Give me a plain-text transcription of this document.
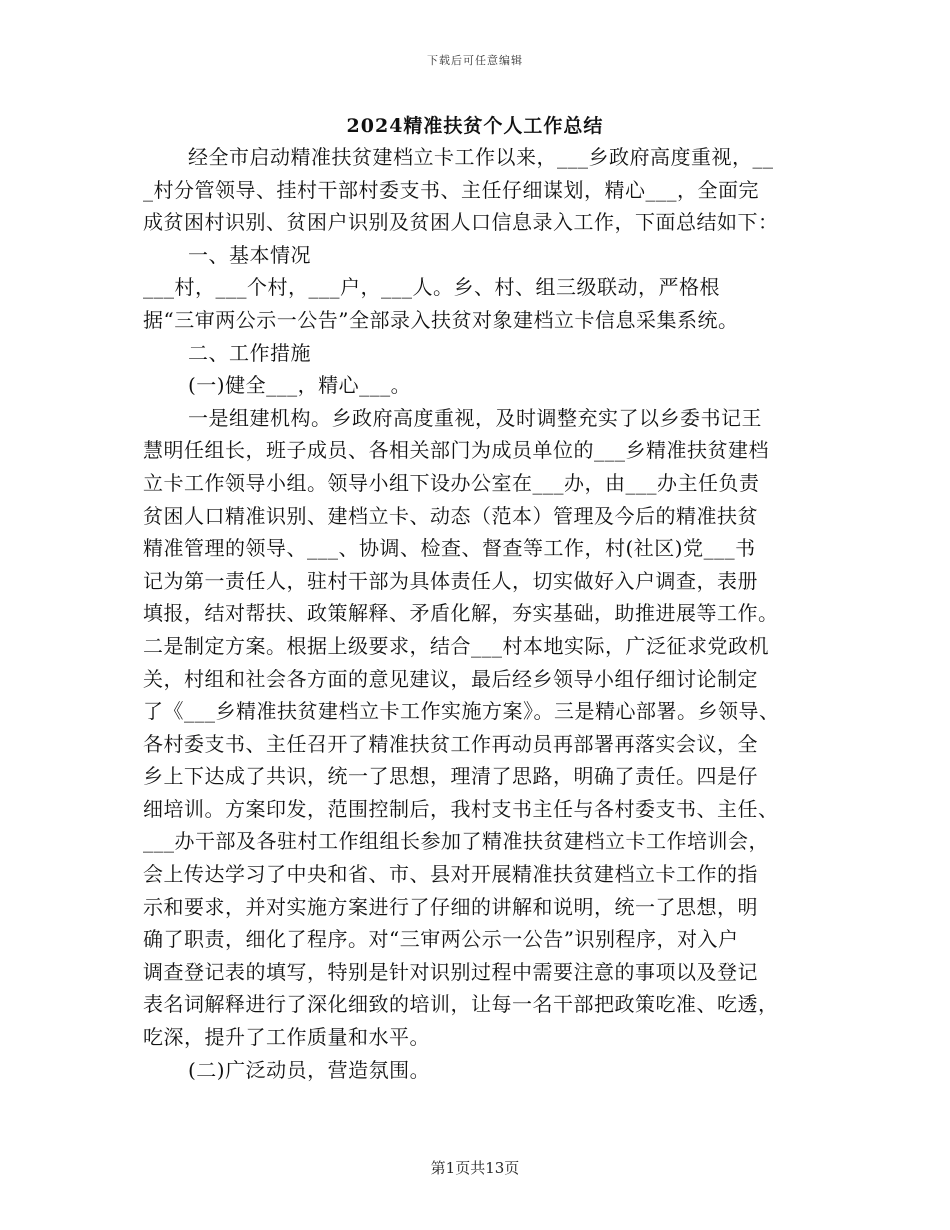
下载后可任意编辑
2024精准扶贫个人工作总结
经全市启动精准扶贫建档立卡工作以来，___乡政府高度重视，__
_村分管领导、挂村干部村委支书、主任仔细谋划，精心___，全面完
成贫困村识别、贫困户识别及贫困人口信息录入工作，下面总结如下：
一、基本情况
___村，___个村，___户，___人。乡、村、组三级联动，严格根
据“三审两公示一公告”全部录入扶贫对象建档立卡信息采集系统。
二、工作措施
(一)健全___，精心___。
一是组建机构。乡政府高度重视，及时调整充实了以乡委书记王
慧明任组长，班子成员、各相关部门为成员单位的___乡精准扶贫建档
立卡工作领导小组。领导小组下设办公室在___办，由___办主任负责
贫困人口精准识别、建档立卡、动态（范本）管理及今后的精准扶贫
精准管理的领导、___、协调、检查、督查等工作，村(社区)党___书
记为第一责任人，驻村干部为具体责任人，切实做好入户调查，表册
填报，结对帮扶、政策解释、矛盾化解，夯实基础，助推进展等工作。
二是制定方案。根据上级要求，结合___村本地实际，广泛征求党政机
关，村组和社会各方面的意见建议，最后经乡领导小组仔细讨论制定
了《___乡精准扶贫建档立卡工作实施方案》。三是精心部署。乡领导、
各村委支书、主任召开了精准扶贫工作再动员再部署再落实会议，全
乡上下达成了共识，统一了思想，理清了思路，明确了责任。四是仔
细培训。方案印发，范围控制后，我村支书主任与各村委支书、主任、
___办干部及各驻村工作组组长参加了精准扶贫建档立卡工作培训会，
会上传达学习了中央和省、市、县对开展精准扶贫建档立卡工作的指
示和要求，并对实施方案进行了仔细的讲解和说明，统一了思想，明
确了职责，细化了程序。对“三审两公示一公告”识别程序，对入户
调查登记表的填写，特别是针对识别过程中需要注意的事项以及登记
表名词解释进行了深化细致的培训，让每一名干部把政策吃准、吃透，
吃深，提升了工作质量和水平。
(二)广泛动员，营造氛围。
第1页共13页
